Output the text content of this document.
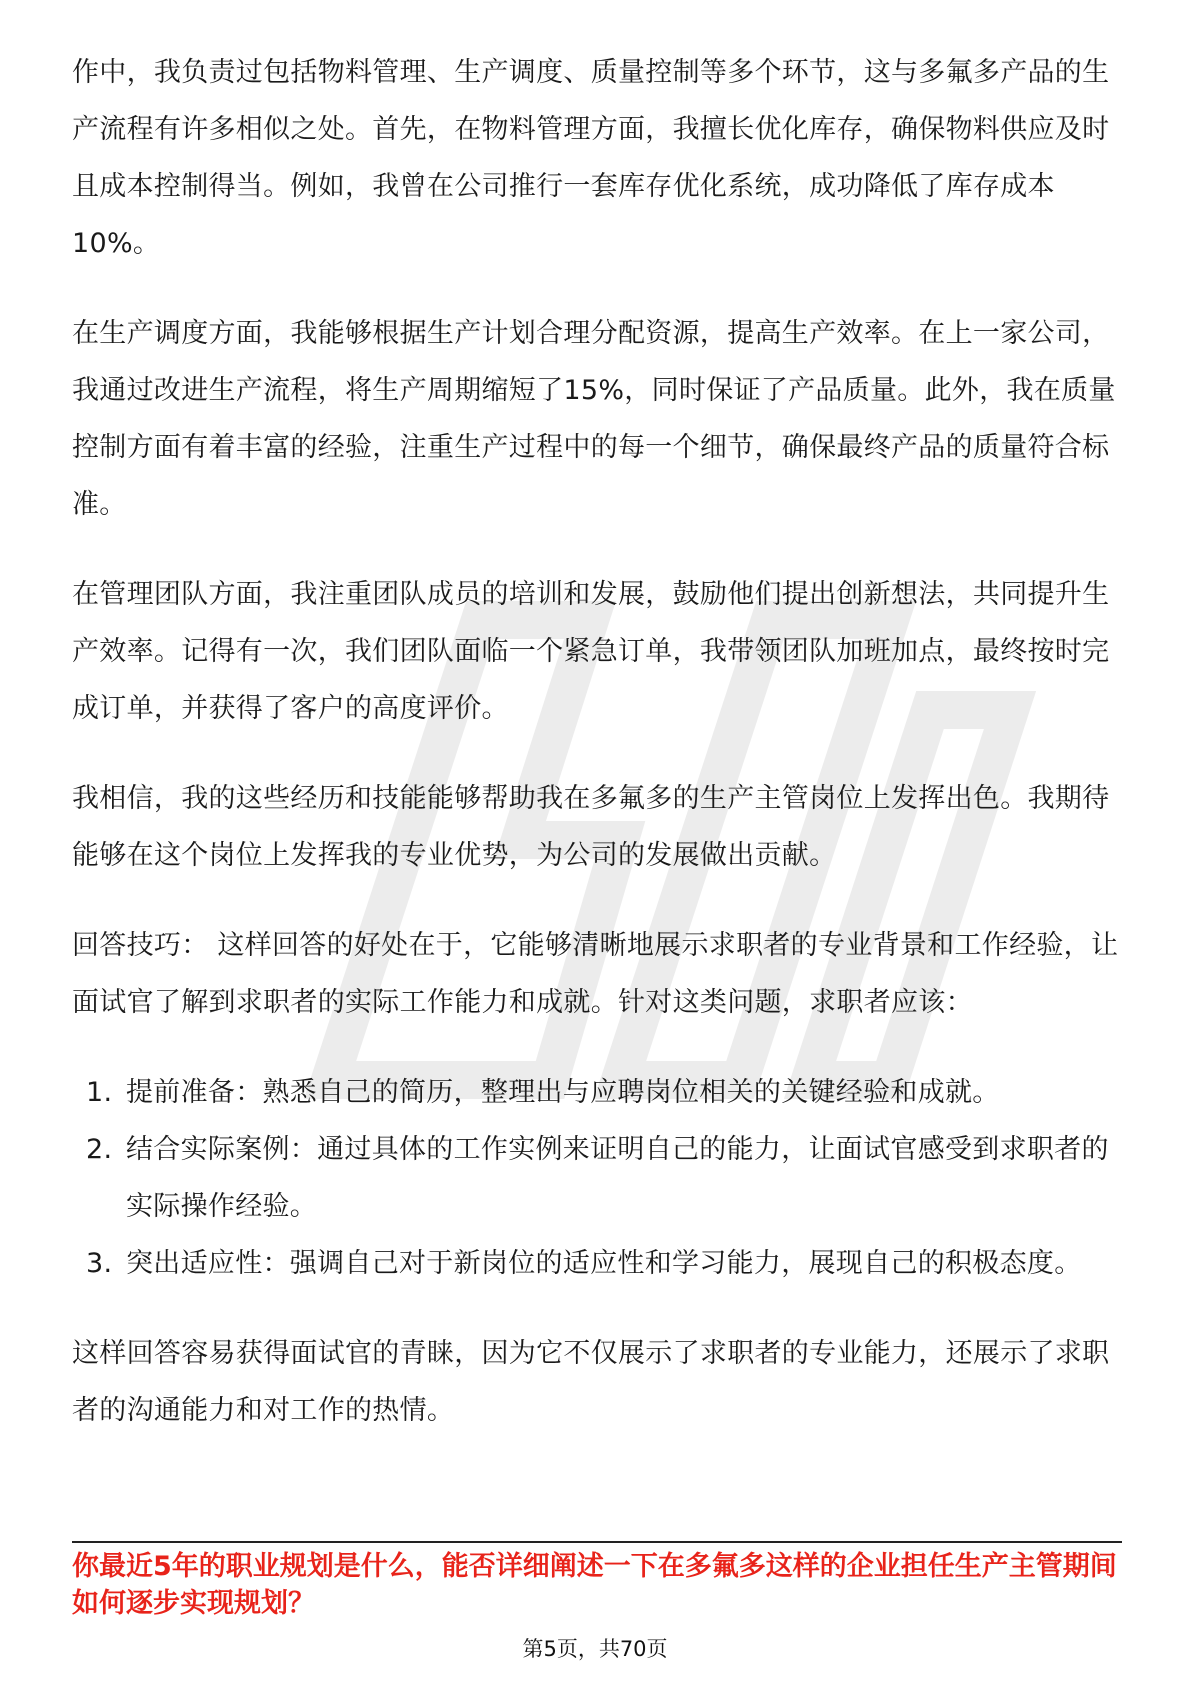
作中，我负责过包括物料管理、生产调度、质量控制等多个环节，这与多氟多产品的生产流程有许多相似之处。首先，在物料管理方面，我擅长优化库存，确保物料供应及时且成本控制得当。例如，我曾在公司推行一套库存优化系统，成功降低了库存成本10%。

在生产调度方面，我能够根据生产计划合理分配资源，提高生产效率。在上一家公司，我通过改进生产流程，将生产周期缩短了15%，同时保证了产品质量。此外，我在质量控制方面有着丰富的经验，注重生产过程中的每一个细节，确保最终产品的质量符合标准。

在管理团队方面，我注重团队成员的培训和发展，鼓励他们提出创新想法，共同提升生产效率。记得有一次，我们团队面临一个紧急订单，我带领团队加班加点，最终按时完成订单，并获得了客户的高度评价。

我相信，我的这些经历和技能能够帮助我在多氟多的生产主管岗位上发挥出色。我期待能够在这个岗位上发挥我的专业优势，为公司的发展做出贡献。

回答技巧： 这样回答的好处在于，它能够清晰地展示求职者的专业背景和工作经验，让面试官了解到求职者的实际工作能力和成就。针对这类问题，求职者应该：

1. 提前准备：熟悉自己的简历，整理出与应聘岗位相关的关键经验和成就。
2. 结合实际案例：通过具体的工作实例来证明自己的能力，让面试官感受到求职者的实际操作经验。
3. 突出适应性：强调自己对于新岗位的适应性和学习能力，展现自己的积极态度。

这样回答容易获得面试官的青睐，因为它不仅展示了求职者的专业能力，还展示了求职者的沟通能力和对工作的热情。

你最近5年的职业规划是什么，能否详细阐述一下在多氟多这样的企业担任生产主管期间如何逐步实现规划？

第5页，共70页
